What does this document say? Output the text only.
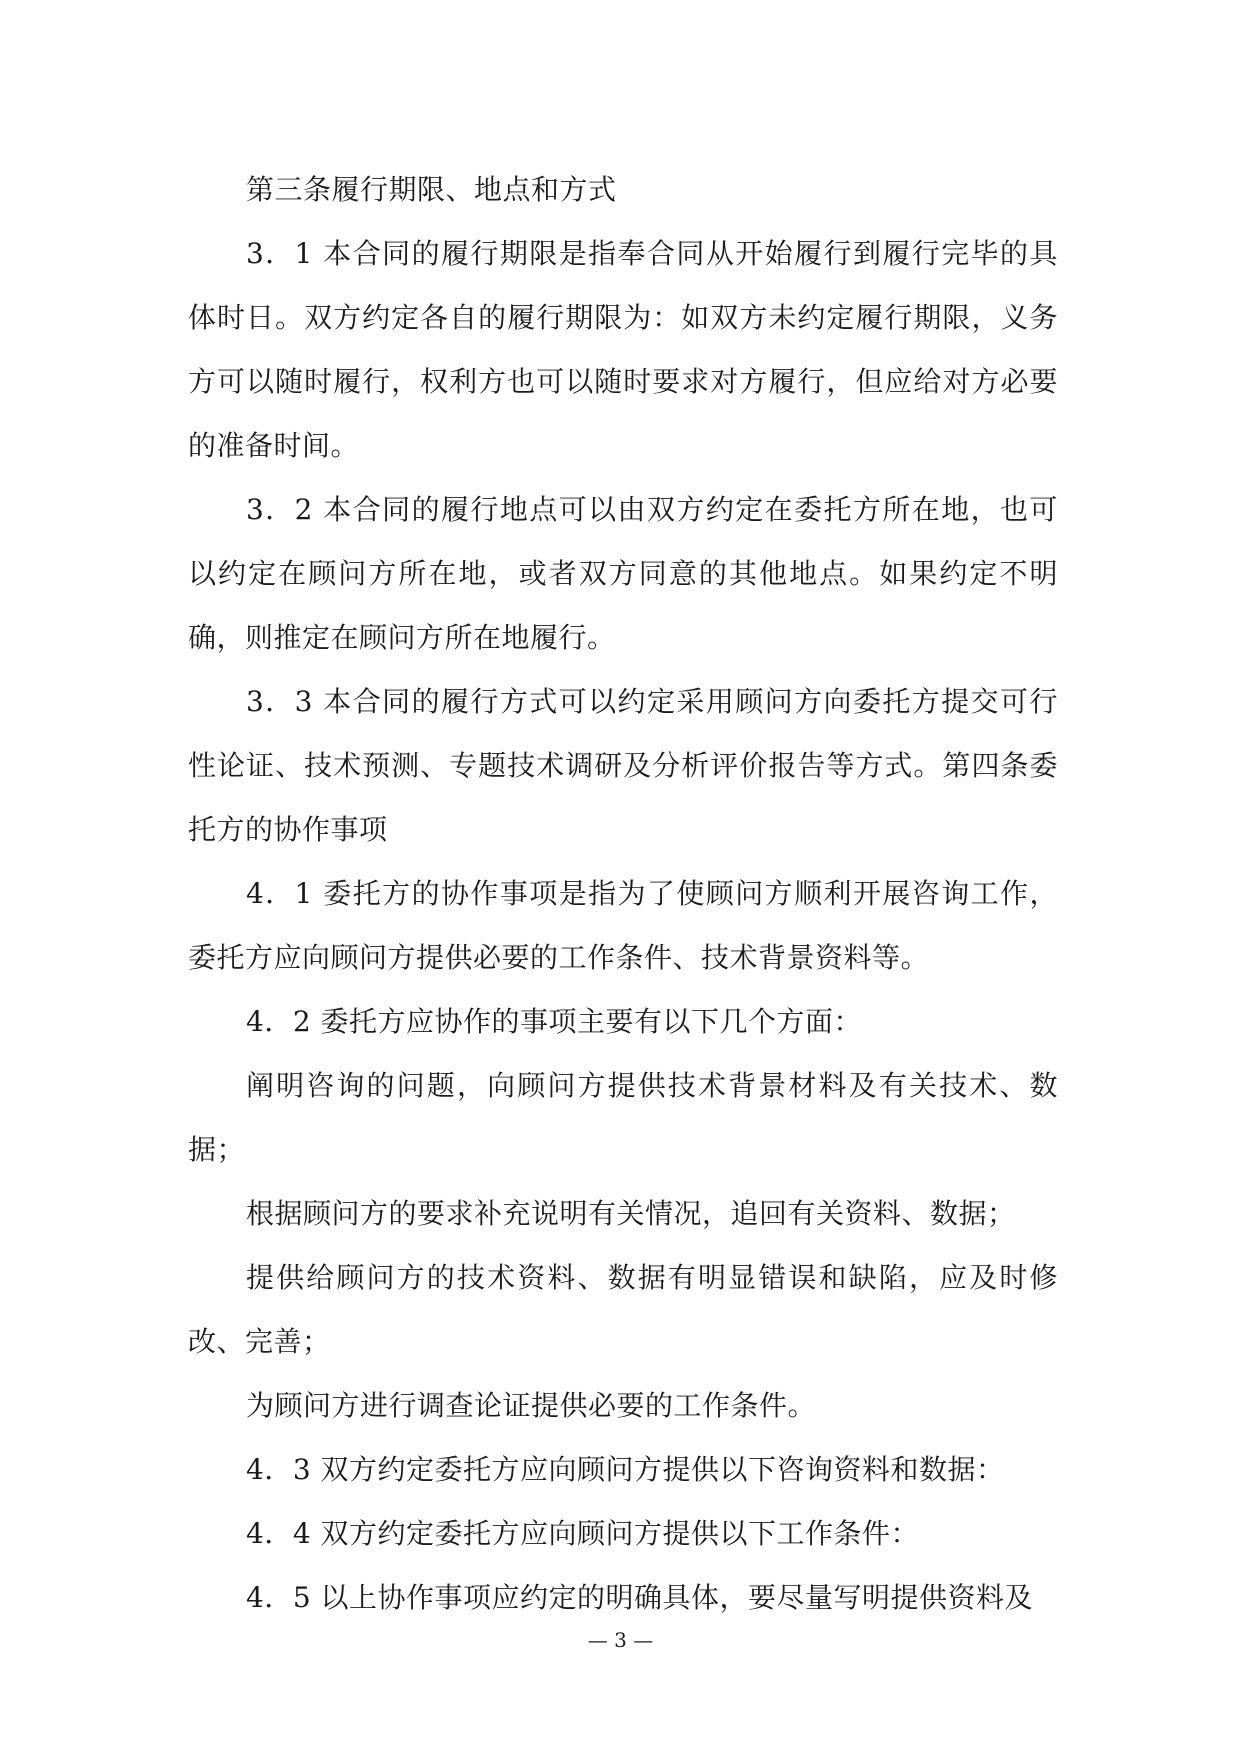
第三条履行期限、地点和方式

3．1 本合同的履行期限是指奉合同从开始履行到履行完毕的具体时日。双方约定各自的履行期限为：如双方未约定履行期限，义务方可以随时履行，权利方也可以随时要求对方履行，但应给对方必要的准备时间。

3．2 本合同的履行地点可以由双方约定在委托方所在地，也可以约定在顾问方所在地，或者双方同意的其他地点。如果约定不明确，则推定在顾问方所在地履行。

3．3 本合同的履行方式可以约定采用顾问方向委托方提交可行性论证、技术预测、专题技术调研及分析评价报告等方式。第四条委托方的协作事项

4．1 委托方的协作事项是指为了使顾问方顺利开展咨询工作，委托方应向顾问方提供必要的工作条件、技术背景资料等。

4．2 委托方应协作的事项主要有以下几个方面：

阐明咨询的问题，向顾问方提供技术背景材料及有关技术、数据；

根据顾问方的要求补充说明有关情况，追回有关资料、数据；

提供给顾问方的技术资料、数据有明显错误和缺陷，应及时修改、完善；

为顾问方进行调查论证提供必要的工作条件。

4．3 双方约定委托方应向顾问方提供以下咨询资料和数据：

4．4 双方约定委托方应向顾问方提供以下工作条件：

4．5 以上协作事项应约定的明确具体，要尽量写明提供资料及

— 3 —
